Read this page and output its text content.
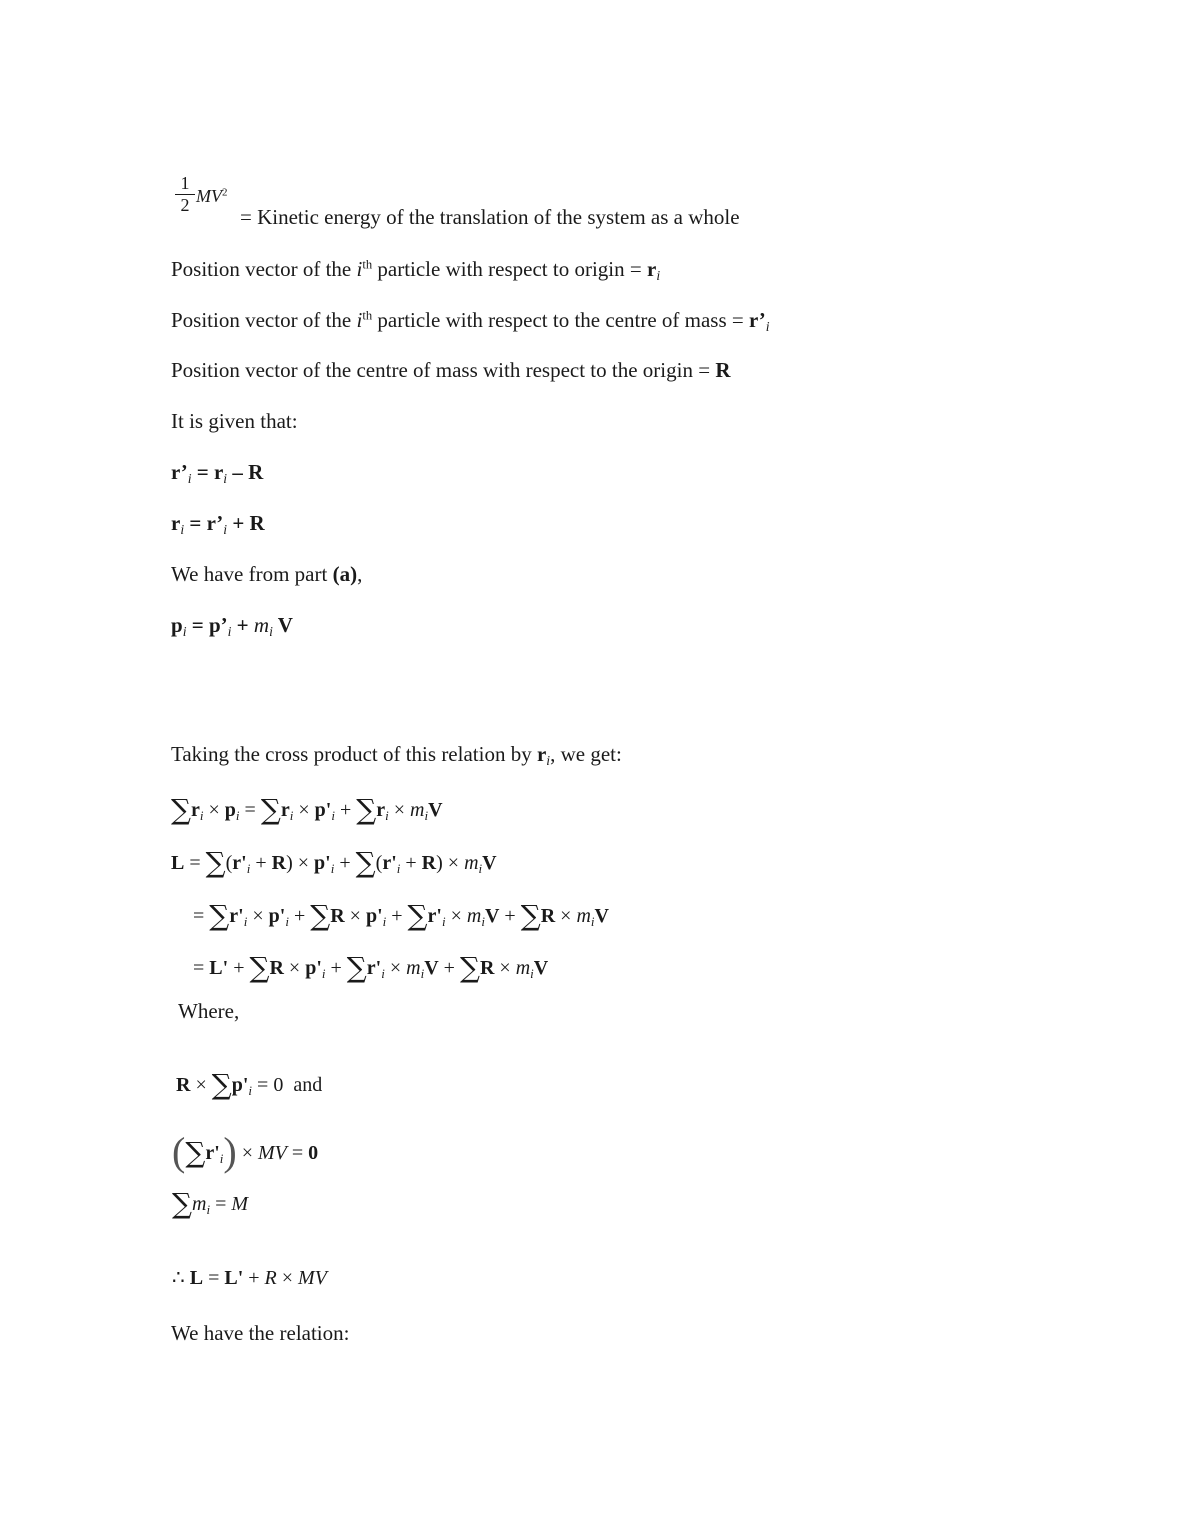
1
2 $MV^2$
= Kinetic energy of the translation of the system as a whole
Position vector of the $i^{th}$ particle with respect to origin = $r_i$
Position vector of the $i^{th}$ particle with respect to the centre of mass = $r’_i$
Position vector of the centre of mass with respect to the origin = R
It is given that:
$r’_i = r_i - R$
$r_i$ = $r’_i + R$
We have from part (a),
$p_i$ = $p’_i + m_i$ V
Taking the cross product of this relation by $r_i$, we get:
$\sum r_i \times p_i = \sum r_i \times p'_i + \sum r_i \times m_iV$
$L = \sum(r'_i + R) \times p'_i + \sum(r'_i + R) \times m_iV$
= $\sum r'_i \times p'_i + \sum R \times p'_i + \sum r'_i \times m_iV + \sum R \times m_iV$
= $L' + \sum R \times p'_i + \sum r'_i \times m_iV + \sum R \times m_iV$
Where,
$R \times \sum p'_i = 0$  and
$(\sum r'_i)$ × MV = 0
$\sum m_i = M$
∴ L = L' + R × MV
We have the relation:
